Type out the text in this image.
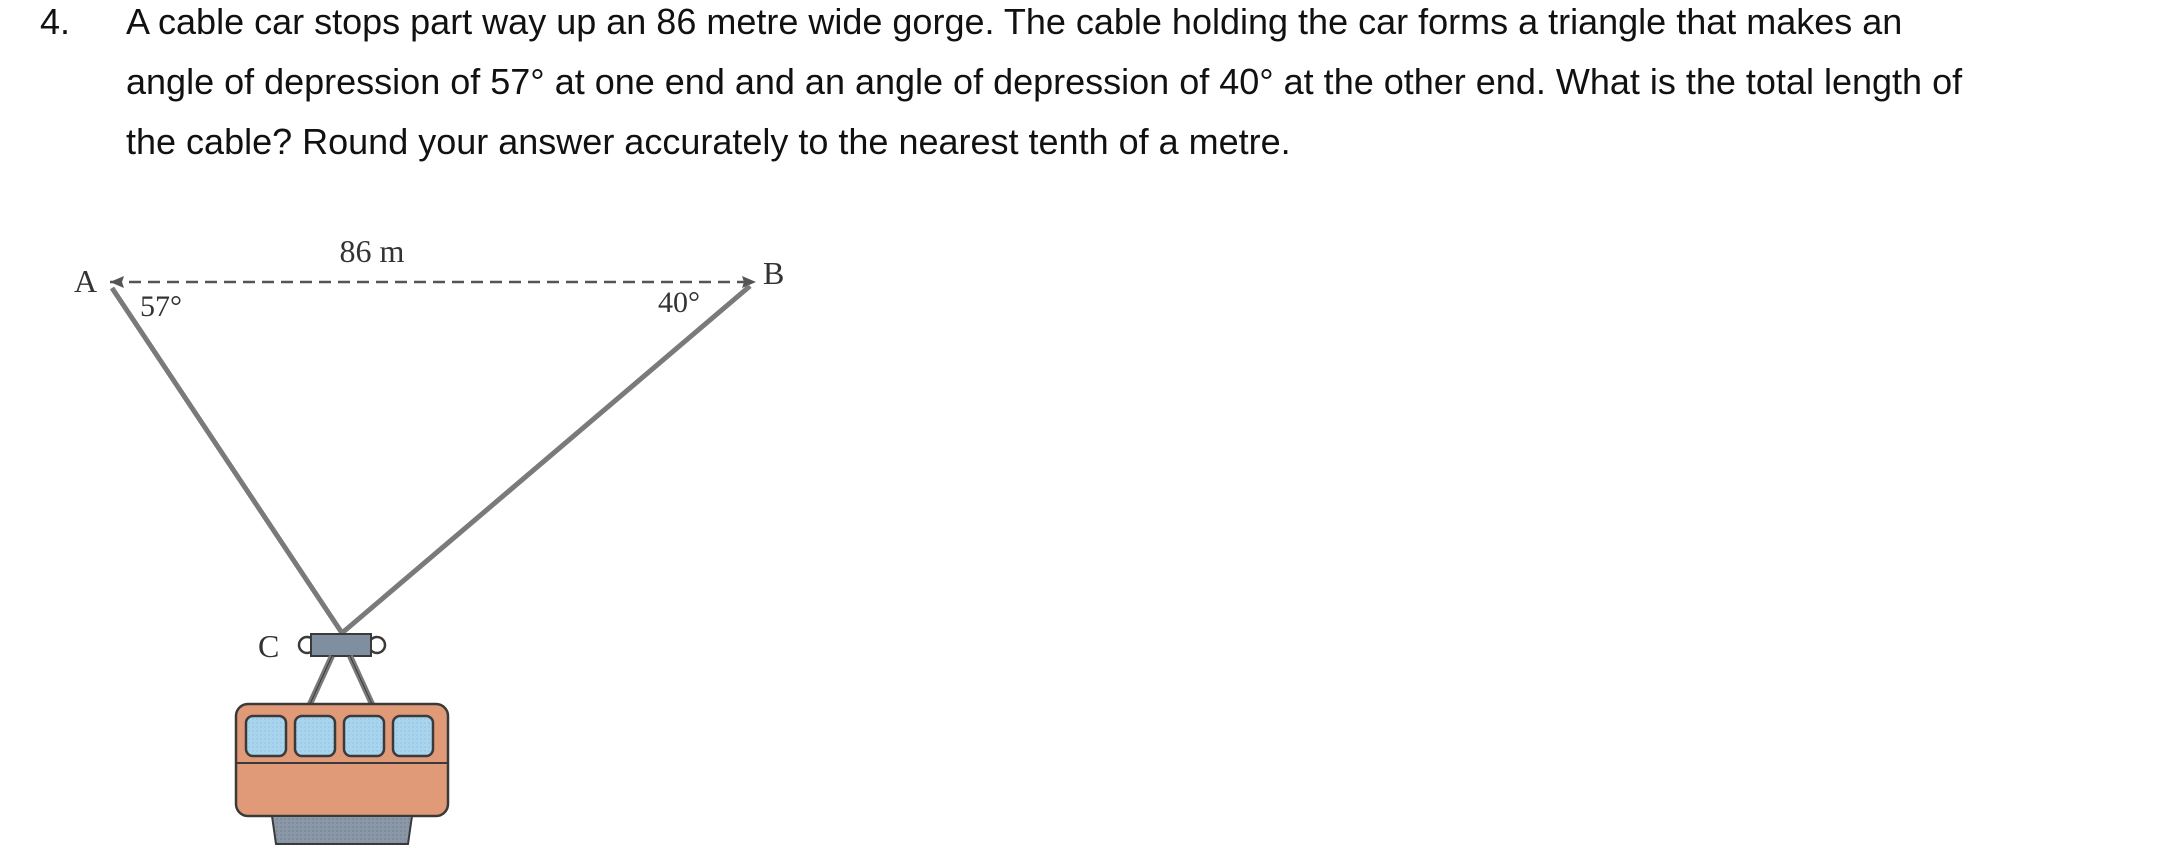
4. A cable car stops part way up an 86 metre wide gorge. The cable holding the car forms a triangle that makes an
angle of depression of 57° at one end and an angle of depression of 40° at the other end. What is the total length of
the cable? Round your answer accurately to the nearest tenth of a metre.
86 m
A	B
C
57°	40°
